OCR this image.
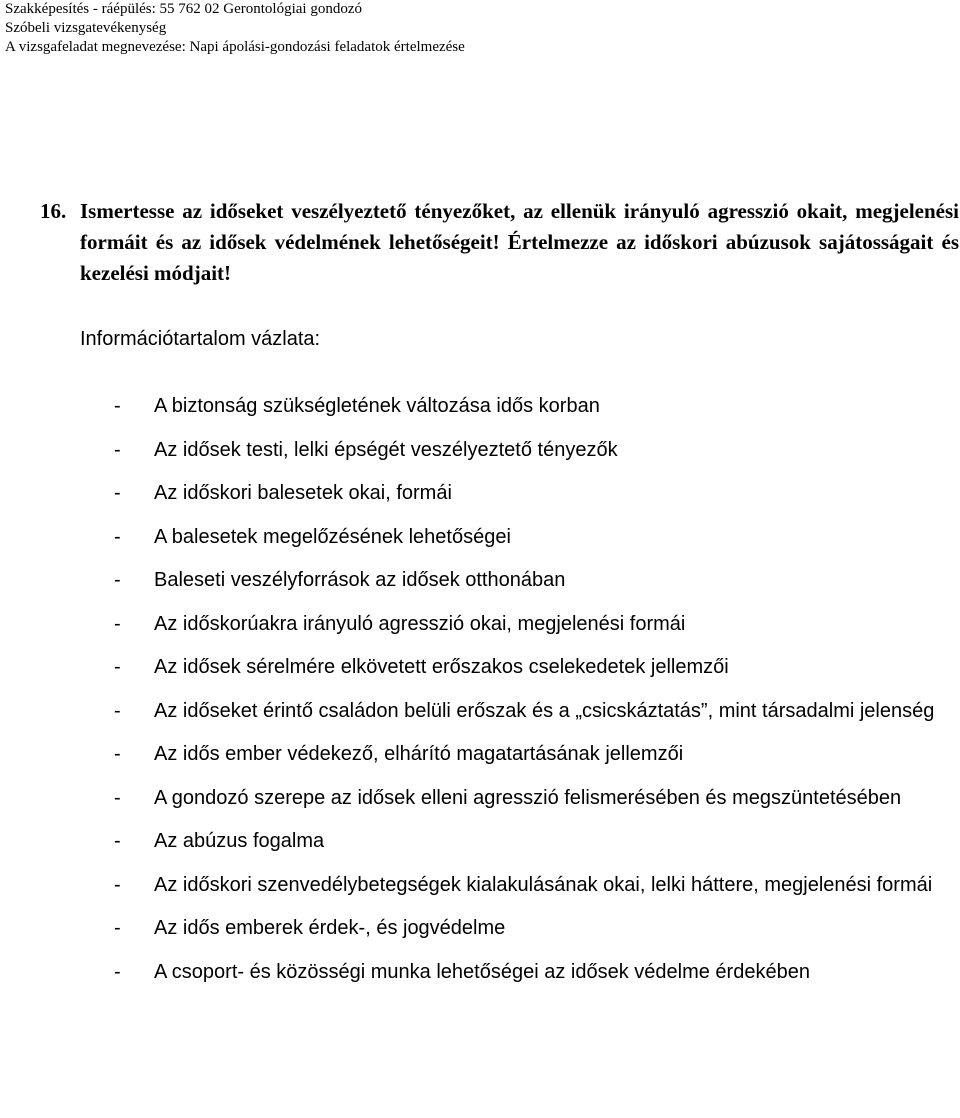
Szakképesítés - ráépülés: 55 762 02 Gerontológiai gondozó
Szóbeli vizsgatevékenység
A vizsgafeladat megnevezése: Napi ápolási-gondozási feladatok értelmezése
16. Ismertesse az időseket veszélyeztető tényezőket, az ellenük irányuló agresszió okait, megjelenési formáit és az idősek védelmének lehetőségeit! Értelmezze az időskori abúzusok sajátosságait és kezelési módjait!
Információtartalom vázlata:
- A biztonság szükségletének változása idős korban
- Az idősek testi, lelki épségét veszélyeztető tényezők
- Az időskori balesetek okai, formái
- A balesetek megelőzésének lehetőségei
- Baleseti veszélyforrások az idősek otthonában
- Az időskorúakra irányuló agresszió okai, megjelenési formái
- Az idősek sérelmére elkövetett erőszakos cselekedetek jellemzői
- Az időseket érintő családon belüli erőszak és a „csicskáztatás”, mint társadalmi jelenség
- Az idős ember védekező, elhárító magatartásának jellemzői
- A gondozó szerepe az idősek elleni agresszió felismerésében és megszüntetésében
- Az abúzus fogalma
- Az időskori szenvedélybetegségek kialakulásának okai, lelki háttere, megjelenési formái
- Az idős emberek érdek-, és jogvédelme
- A csoport- és közösségi munka lehetőségei az idősek védelme érdekében
